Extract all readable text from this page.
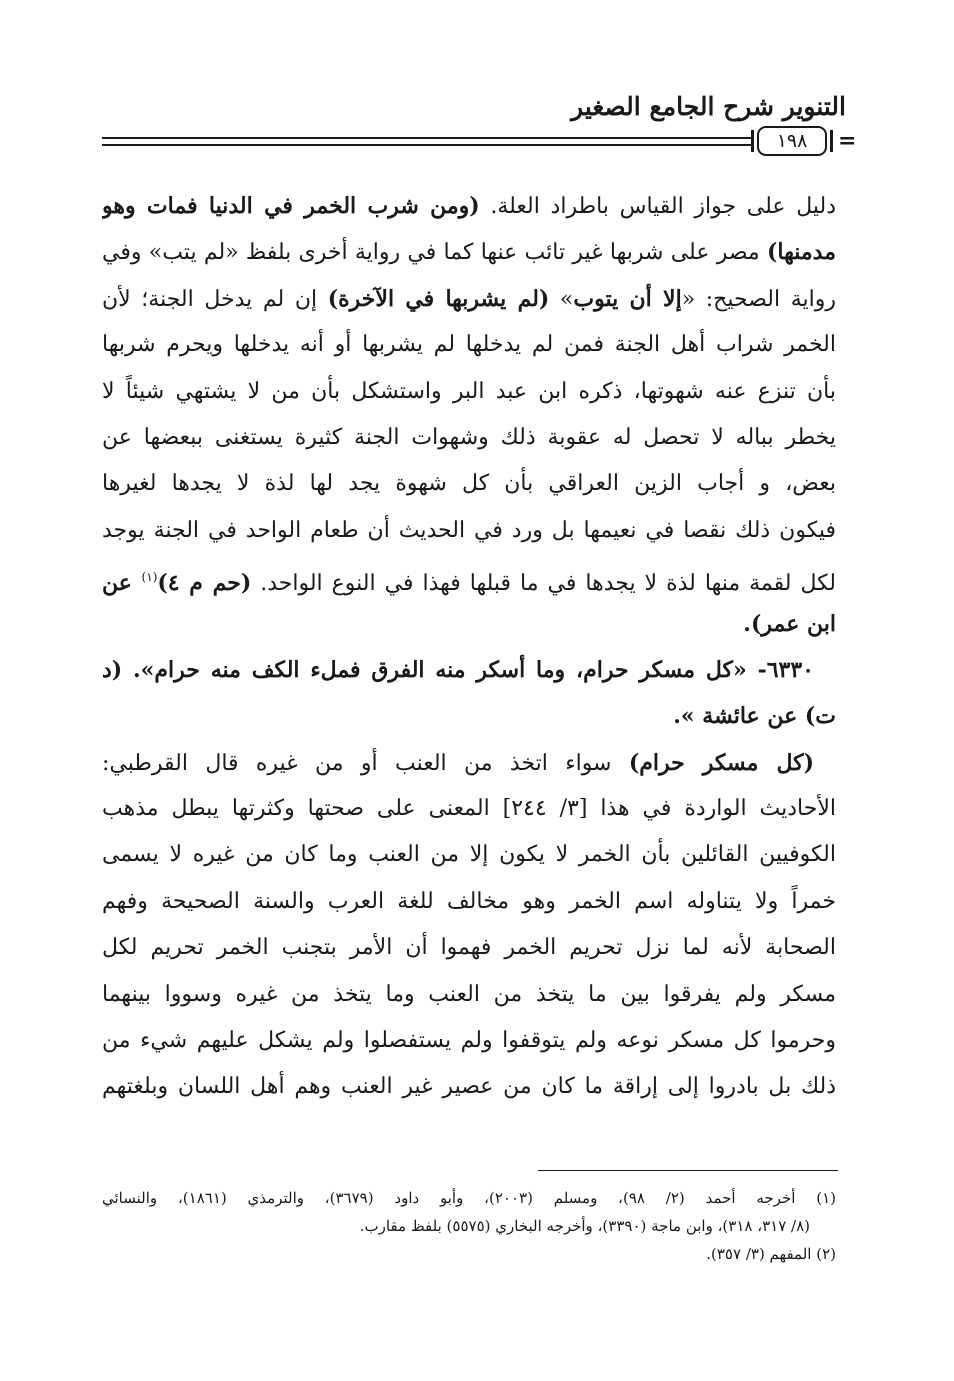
التنوير شرح الجامع الصغير
١٩٨	=
دليل على جواز القياس باطراد العلة. (ومن شرب الخمر في الدنيا فمات وهو
مدمنها) مصر على شربها غير تائب عنها كما في رواية أخرى بلفظ «لم يتب» وفي
رواية الصحيح: «إلا أن يتوب» (لم يشربها في الآخرة) إن لم يدخل الجنة؛ لأن
الخمر شراب أهل الجنة فمن لم يدخلها لم يشربها أو أنه يدخلها ويحرم شربها
بأن تنزع عنه شهوتها، ذكره ابن عبد البر واستشكل بأن من لا يشتهي شيئاً لا
يخطر بباله لا تحصل له عقوبة ذلك وشهوات الجنة كثيرة يستغنى ببعضها عن
بعض، و أجاب الزين العراقي بأن كل شهوة يجد لها لذة لا يجدها لغيرها
فيكون ذلك نقصا في نعيمها بل ورد في الحديث أن طعام الواحد في الجنة يوجد
لكل لقمة منها لذة لا يجدها في ما قبلها فهذا في النوع الواحد. (حم م ٤)$^{(١)}$ عن
ابن عمر).
٦٣٣٠- «كل مسكر حرام، وما أسكر منه الفرق فملء الكف منه حرام». (د
ت) عن عائشة ».
(كل مسكر حرام) سواء اتخذ من العنب أو من غيره قال القرطبي:
الأحاديث الواردة في هذا [٣/ ٢٤٤] المعنى على صحتها وكثرتها يبطل مذهب
الكوفيين القائلين بأن الخمر لا يكون إلا من العنب وما كان من غيره لا يسمى
خمراً ولا يتناوله اسم الخمر وهو مخالف للغة العرب والسنة الصحيحة وفهم
الصحابة لأنه لما نزل تحريم الخمر فهموا أن الأمر بتجنب الخمر تحريم لكل
مسكر ولم يفرقوا بين ما يتخذ من العنب وما يتخذ من غيره وسووا بينهما
وحرموا كل مسكر نوعه ولم يتوقفوا ولم يستفصلوا ولم يشكل عليهم شيء من
ذلك بل بادروا إلى إراقة ما كان من عصير غير العنب وهم أهل اللسان وبلغتهم
(١) أخرجه أحمد (٢/ ٩٨)، ومسلم (٢٠٠٣)، وأبو داود (٣٦٧٩)، والترمذي (١٨٦١)، والنسائي
(٨/ ٣١٧، ٣١٨)، وابن ماجة (٣٣٩٠)، وأخرجه البخاري (٥٥٧٥) بلفظ مقارب.
(٢) المفهم (٣/ ٣٥٧).
